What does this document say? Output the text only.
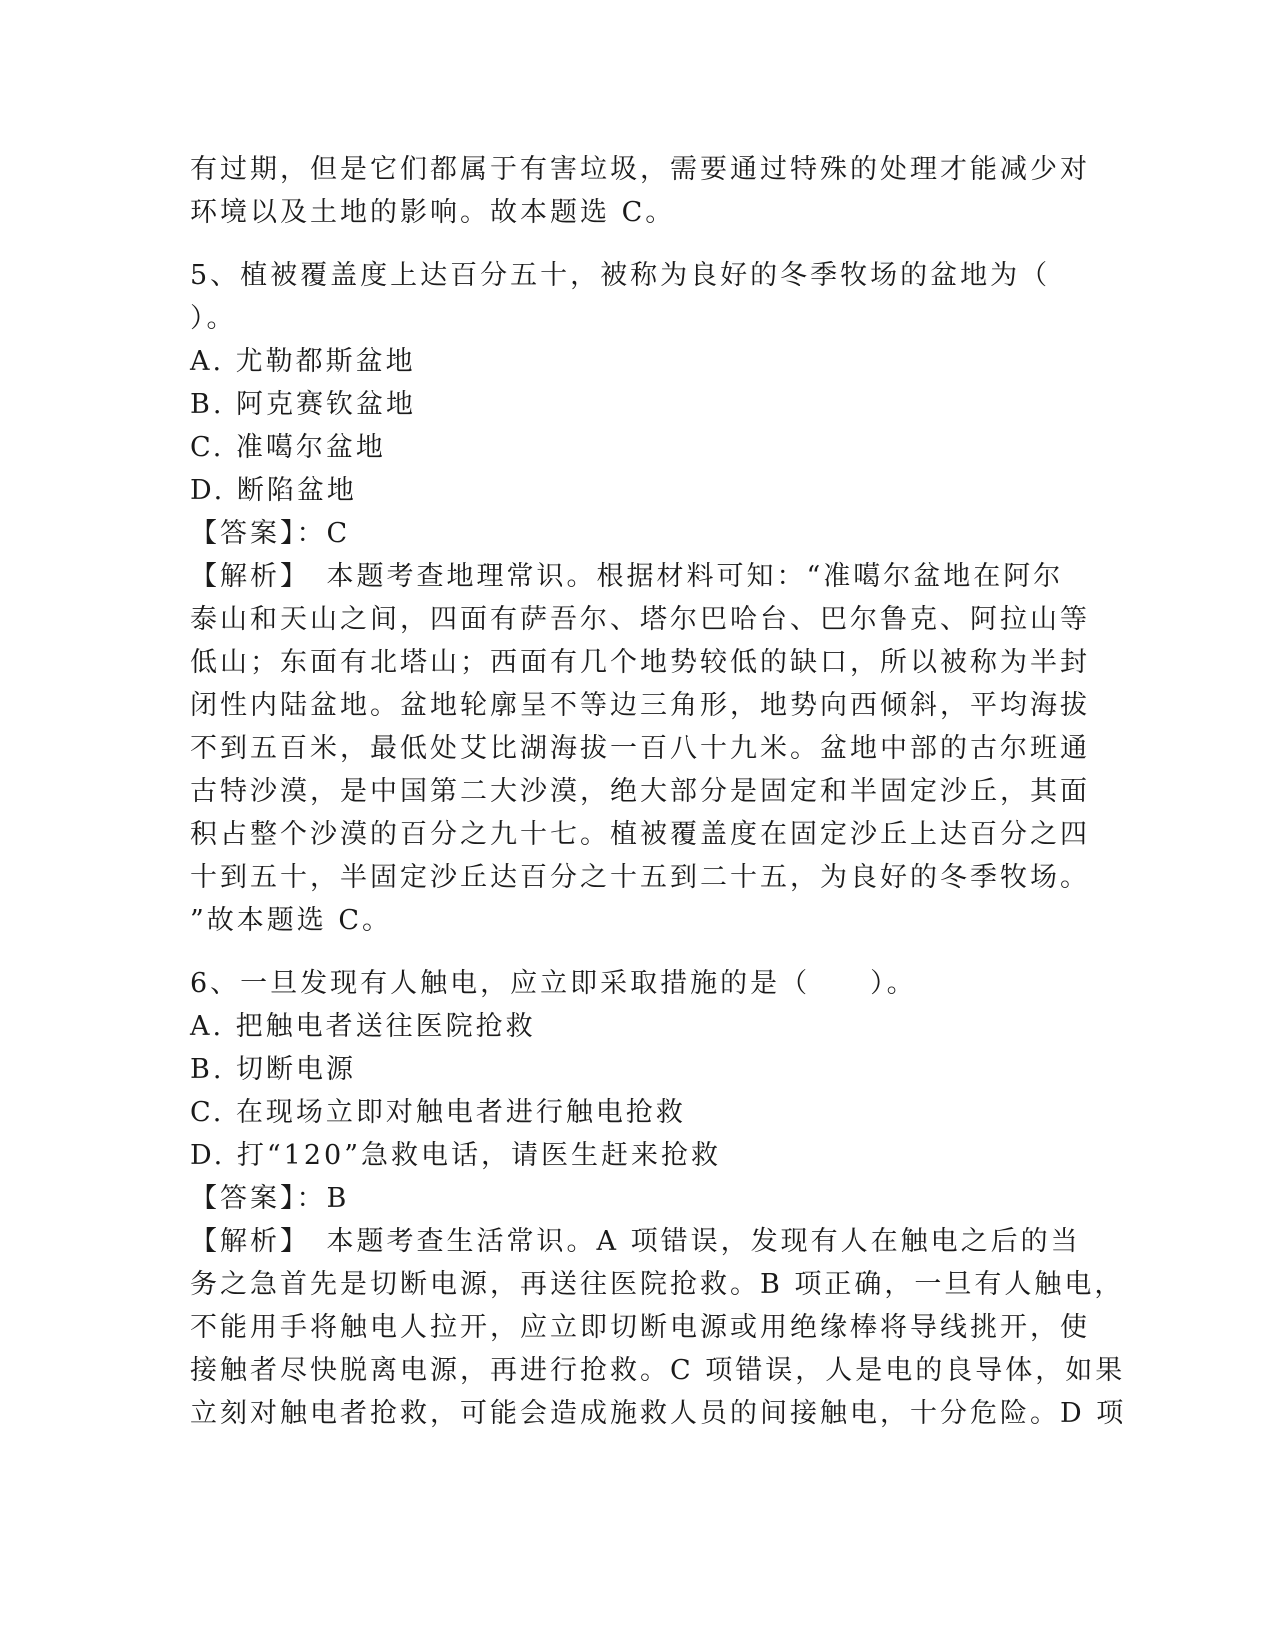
有过期，但是它们都属于有害垃圾，需要通过特殊的处理才能减少对
环境以及土地的影响。故本题选 C。
5、植被覆盖度上达百分五十，被称为良好的冬季牧场的盆地为（
）。
A. 尤勒都斯盆地
B. 阿克赛钦盆地
C. 准噶尔盆地
D. 断陷盆地
【答案】：C
【解析】　本题考查地理常识。根据材料可知：“准噶尔盆地在阿尔
泰山和天山之间，四面有萨吾尔、塔尔巴哈台、巴尔鲁克、阿拉山等
低山；东面有北塔山；西面有几个地势较低的缺口，所以被称为半封
闭性内陆盆地。盆地轮廓呈不等边三角形，地势向西倾斜，平均海拔
不到五百米，最低处艾比湖海拔一百八十九米。盆地中部的古尔班通
古特沙漠，是中国第二大沙漠，绝大部分是固定和半固定沙丘，其面
积占整个沙漠的百分之九十七。植被覆盖度在固定沙丘上达百分之四
十到五十，半固定沙丘达百分之十五到二十五，为良好的冬季牧场。
”故本题选 C。
6、一旦发现有人触电，应立即采取措施的是（　　）。
A. 把触电者送往医院抢救
B. 切断电源
C. 在现场立即对触电者进行触电抢救
D. 打“120”急救电话，请医生赶来抢救
【答案】：B
【解析】　本题考查生活常识。A 项错误，发现有人在触电之后的当
务之急首先是切断电源，再送往医院抢救。B 项正确，一旦有人触电，
不能用手将触电人拉开，应立即切断电源或用绝缘棒将导线挑开，使
接触者尽快脱离电源，再进行抢救。C 项错误，人是电的良导体，如果
立刻对触电者抢救，可能会造成施救人员的间接触电，十分危险。D 项
